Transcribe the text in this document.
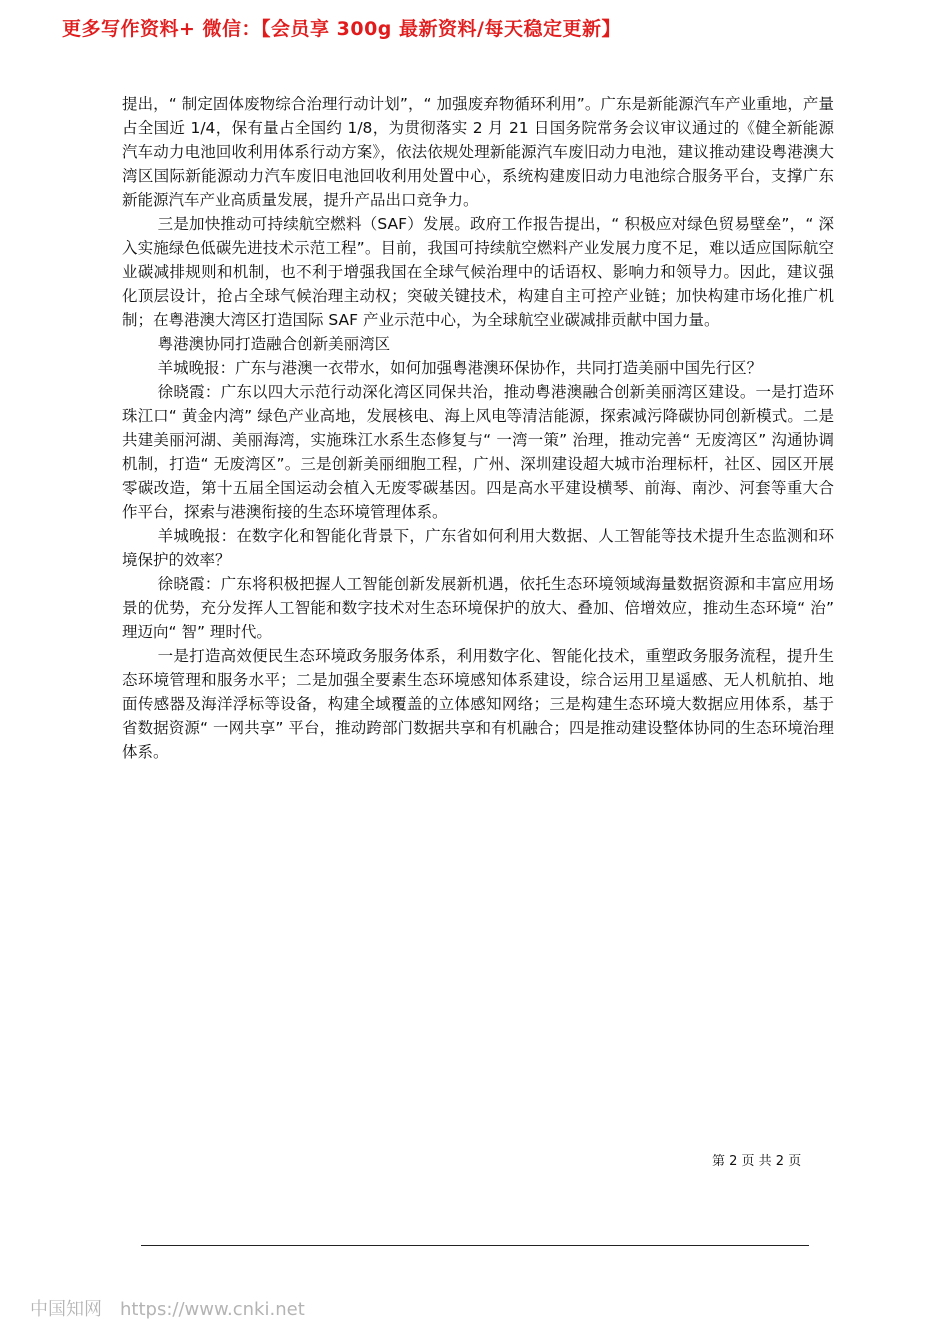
更多写作资料+ 微信：【会员享 300g 最新资料/每天稳定更新】

提出，“ 制定固体废物综合治理行动计划”，“ 加强废弃物循环利用”。广东是新能源汽车产业重地，产量占全国近 1/4，保有量占全国约 1/8，为贯彻落实 2 月 21 日国务院常务会议审议通过的《健全新能源汽车动力电池回收利用体系行动方案》，依法依规处理新能源汽车废旧动力电池，建议推动建设粤港澳大湾区国际新能源动力汽车废旧电池回收利用处置中心，系统构建废旧动力电池综合服务平台，支撑广东新能源汽车产业高质量发展，提升产品出口竞争力。

三是加快推动可持续航空燃料（SAF）发展。政府工作报告提出，“ 积极应对绿色贸易壁垒”，“ 深入实施绿色低碳先进技术示范工程”。目前，我国可持续航空燃料产业发展力度不足，难以适应国际航空业碳减排规则和机制，也不利于增强我国在全球气候治理中的话语权、影响力和领导力。因此，建议强化顶层设计，抢占全球气候治理主动权；突破关键技术，构建自主可控产业链；加快构建市场化推广机制；在粤港澳大湾区打造国际 SAF 产业示范中心，为全球航空业碳减排贡献中国力量。

粤港澳协同打造融合创新美丽湾区

羊城晚报：广东与港澳一衣带水，如何加强粤港澳环保协作，共同打造美丽中国先行区？

徐晓霞：广东以四大示范行动深化湾区同保共治，推动粤港澳融合创新美丽湾区建设。一是打造环珠江口“ 黄金内湾” 绿色产业高地，发展核电、海上风电等清洁能源，探索减污降碳协同创新模式。二是共建美丽河湖、美丽海湾，实施珠江水系生态修复与“ 一湾一策” 治理，推动完善“ 无废湾区” 沟通协调机制，打造“ 无废湾区”。三是创新美丽细胞工程，广州、深圳建设超大城市治理标杆，社区、园区开展零碳改造，第十五届全国运动会植入无废零碳基因。四是高水平建设横琴、前海、南沙、河套等重大合作平台，探索与港澳衔接的生态环境管理体系。

羊城晚报：在数字化和智能化背景下，广东省如何利用大数据、人工智能等技术提升生态监测和环境保护的效率？

徐晓霞：广东将积极把握人工智能创新发展新机遇，依托生态环境领域海量数据资源和丰富应用场景的优势，充分发挥人工智能和数字技术对生态环境保护的放大、叠加、倍增效应，推动生态环境“ 治” 理迈向“ 智” 理时代。

一是打造高效便民生态环境政务服务体系，利用数字化、智能化技术，重塑政务服务流程，提升生态环境管理和服务水平；二是加强全要素生态环境感知体系建设，综合运用卫星遥感、无人机航拍、地面传感器及海洋浮标等设备，构建全域覆盖的立体感知网络；三是构建生态环境大数据应用体系，基于省数据资源“ 一网共享” 平台，推动跨部门数据共享和有机融合；四是推动建设整体协同的生态环境治理体系。

第 2 页 共 2 页
中国知网 https://www.cnki.net
